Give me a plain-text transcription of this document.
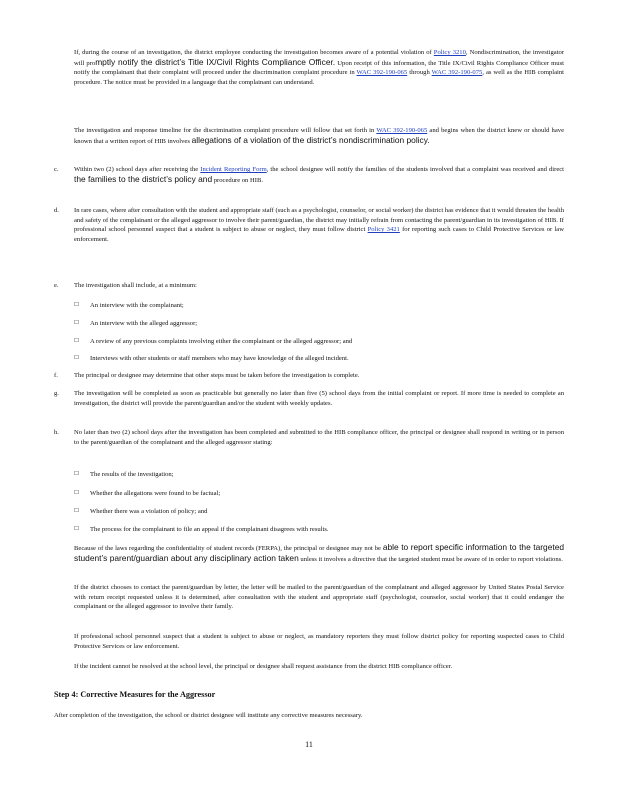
If, during the course of an investigation, the district employee conducting the investigation becomes aware of a potential violation of Policy 3210, Nondiscrimination, the investigator will promptly notify the district’s Title IX/Civil Rights Compliance Officer. Upon receipt of this information, the Title IX/Civil Rights Compliance Officer must notify the complainant that their complaint will proceed under the discrimination complaint procedure in WAC 392-190-065 through WAC 392-190-075, as well as the HIB complaint procedure. The notice must be provided in a language that the complainant can understand.

The investigation and response timeline for the discrimination complaint procedure will follow that set forth in WAC 392-190-065 and begins when the district knew or should have known that a written report of HIB involves allegations of a violation of the district’s nondiscrimination policy.

c. Within two (2) school days after receiving the Incident Reporting Form, the school designee will notify the families of the students involved that a complaint was received and direct the families to the district’s policy and procedure on HIB.

d. In rare cases, where after consultation with the student and appropriate staff (such as a psychologist, counselor, or social worker) the district has evidence that it would threaten the health and safety of the complainant or the alleged aggressor to involve their parent/guardian, the district may initially refrain from contacting the parent/guardian in its investigation of HIB. If professional school personnel suspect that a student is subject to abuse or neglect, they must follow district Policy 3421 for reporting such cases to Child Protective Services or law enforcement.

e. The investigation shall include, at a minimum:

☐ An interview with the complainant;
☐ An interview with the alleged aggressor;
☐ A review of any previous complaints involving either the complainant or the alleged aggressor; and
☐ Interviews with other students or staff members who may have knowledge of the alleged incident.
f. The principal or designee may determine that other steps must be taken before the investigation is complete.

g. The investigation will be completed as soon as practicable but generally no later than five (5) school days from the initial complaint or report. If more time is needed to complete an investigation, the district will provide the parent/guardian and/or the student with weekly updates.

h. No later than two (2) school days after the investigation has been completed and submitted to the HIB compliance officer, the principal or designee shall respond in writing or in person to the parent/guardian of the complainant and the alleged aggressor stating:

☐ The results of the investigation;
☐ Whether the allegations were found to be factual;
☐ Whether there was a violation of policy; and
☐ The process for the complainant to file an appeal if the complainant disagrees with results.

Because of the laws regarding the confidentiality of student records (FERPA), the principal or designee may not be able to report specific information to the targeted student’s parent/guardian about any disciplinary action taken unless it involves a directive that the targeted student must be aware of in order to report violations.

If the district chooses to contact the parent/guardian by letter, the letter will be mailed to the parent/guardian of the complainant and alleged aggressor by United States Postal Service with return receipt requested unless it is determined, after consultation with the student and appropriate staff (psychologist, counselor, social worker) that it could endanger the complainant or the alleged aggressor to involve their family.

If professional school personnel suspect that a student is subject to abuse or neglect, as mandatory reporters they must follow district policy for reporting suspected cases to Child Protective Services or law enforcement.

If the incident cannot be resolved at the school level, the principal or designee shall request assistance from the district HIB compliance officer.

Step 4: Corrective Measures for the Aggressor

After completion of the investigation, the school or district designee will institute any corrective measures necessary.

11
